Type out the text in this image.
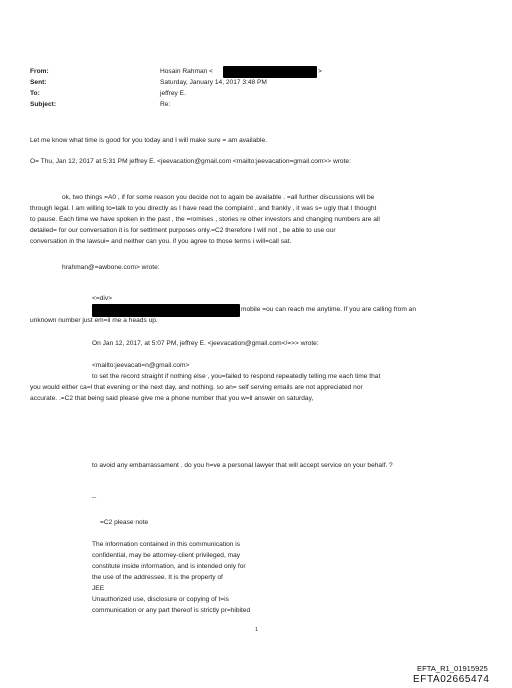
From:
Sent:
To:
Subject:
Hosain Rahman <	>
Saturday, January 14, 2017 3:48 PM
jeffrey E.
Re:
Let me know what time is good for you today and I will make sure = am available.
O= Thu, Jan 12, 2017 at 5:31 PM jeffrey E. <jeevacation@gmail.com <mailto:jeevacation=gmail.com>> wrote:
ok, two things =A0 , if for some reason you decide not to again be available . =all further discussions will be
through legal. I am willing to=talk to you directly as I have read the complaint , and frankly , it was s= ugly that I thought
to pause. Each time we have spoken in the past , the =romises , stories re other investors and changing numbers are all
detailed= for our conversation it is for settlment purposes only.=C2 therefore I will not , be able to use our
conversation in the lawsui= and neither can you. if you agree to those terms i will=call sat.
hrahman@=awbone.com> wrote:
<=div>
mobile =ou can reach me anytime. If you are calling from an
unknown number just em=il me a heads up.
On Jan 12, 2017, at 5:07 PM, jeffrey E. <jeevacation@gmail.com</=>> wrote:
<mailto:jeevacati=n@gmail.com>
to set the record straight if nothing else , you=failed to respond repeatedly telling me each time that
you would either ca=l that evening or the next day, and nothing. so an= self serving emails are not appreciated nor
accurate. .=C2 that being said please give me a phone number that you w=ll answer on saturday,
to avoid any embarrassament . do you h=ve a personal lawyer that will accept service on your behalf. ?
--
=C2 please note
The information contained in this communication is
confidential, may be attorney-client privileged, may
constitute inside information, and is intended only for
the use of the addressee. It is the property of
JEE
Unauthorized use, disclosure or copying of t=is
communication or any part thereof is strictly pr=hibited
1
EFTA_R1_01915925
EFTA02665474
